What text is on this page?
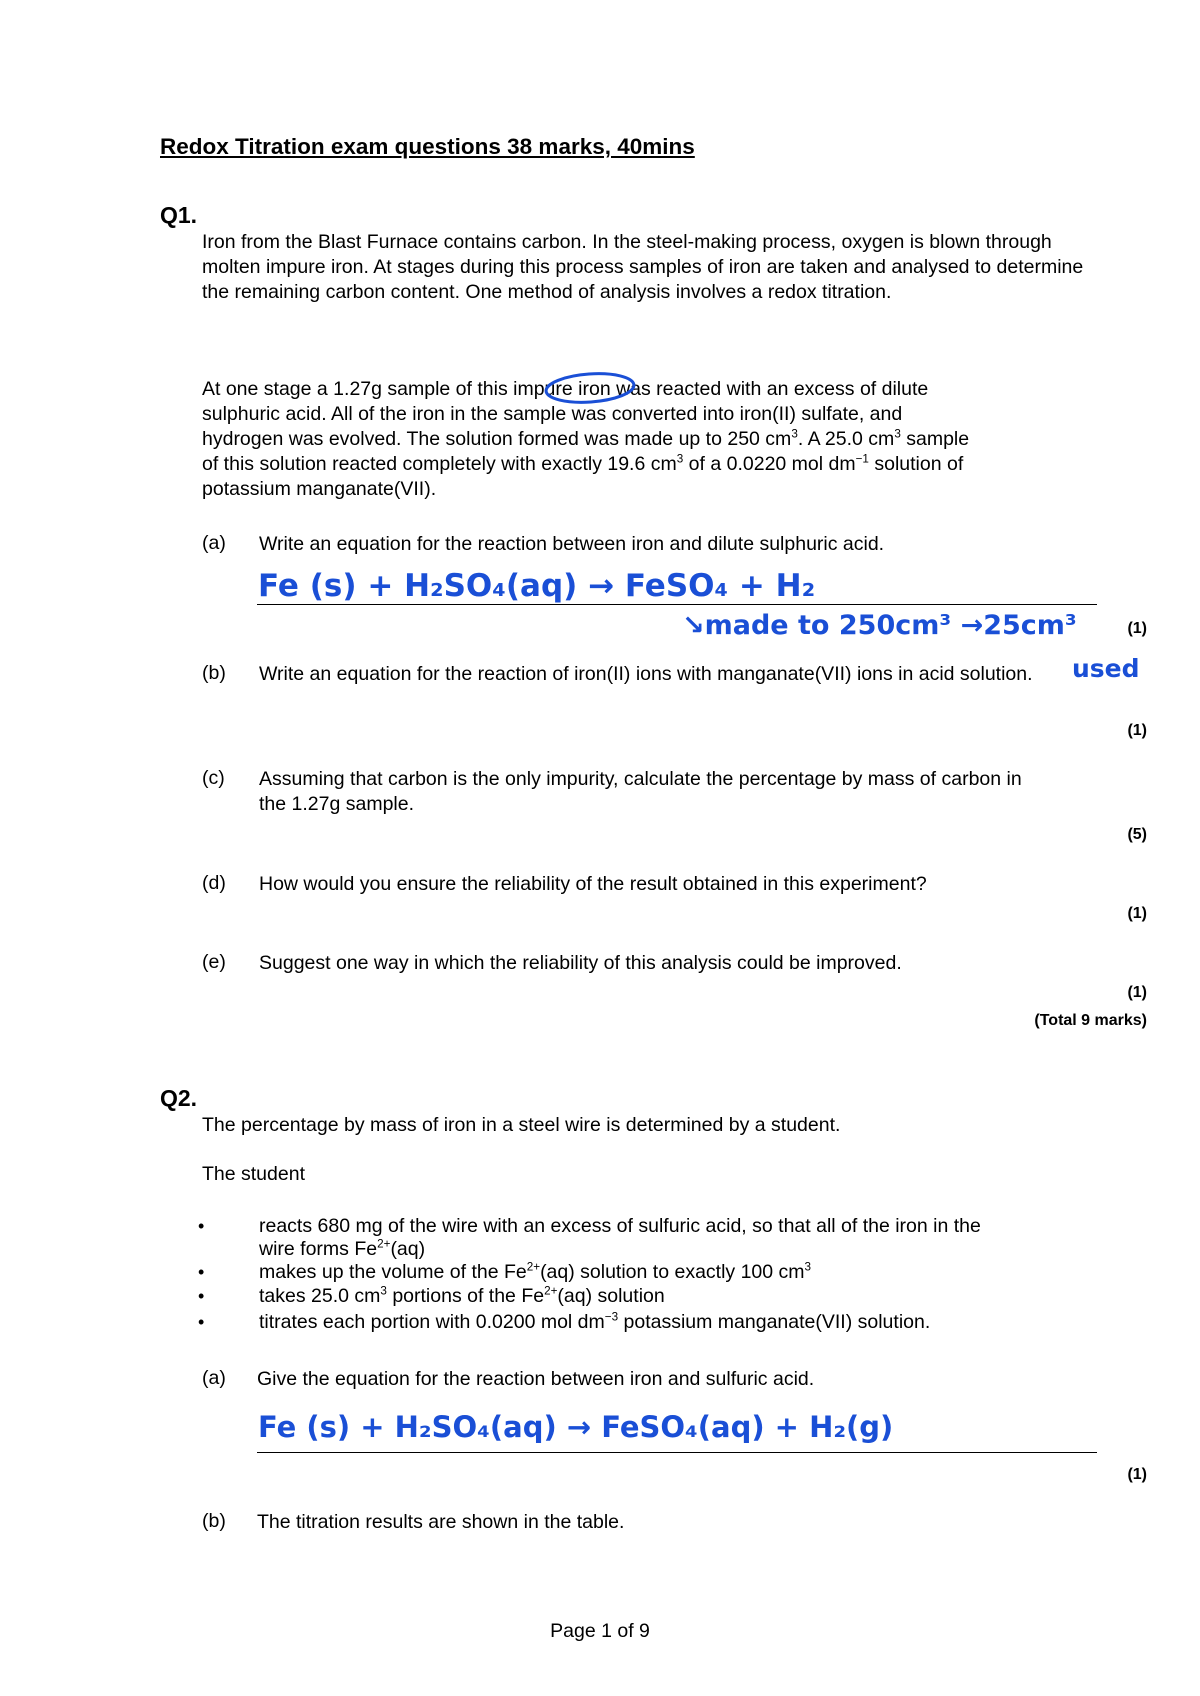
Redox Titration exam questions 38 marks, 40mins
Q1.
Iron from the Blast Furnace contains carbon. In the steel-making process, oxygen is blown through molten impure iron. At stages during this process samples of iron are taken and analysed to determine the remaining carbon content. One method of analysis involves a redox titration.
At one stage a 1.27g sample of this impure iron was reacted with an excess of dilute
sulphuric acid. All of the iron in the sample was converted into iron(II) sulfate, and
hydrogen was evolved. The solution formed was made up to 250 $cm^3$. A 25.0 $cm^3$ sample
of this solution reacted completely with exactly 19.6 $cm^3$ of a 0.0220 mol $dm^{-1}$ solution of
potassium manganate(VII).
(a) Write an equation for the reaction between iron and dilute sulphuric acid.
Fe (s) + H₂SO₄(aq) → FeSO₄ + H₂
↘made to 250cm³ →25cm³	(1)
used
(b) Write an equation for the reaction of iron(II) ions with manganate(VII) ions in acid solution.
(1)
(c) Assuming that carbon is the only impurity, calculate the percentage by mass of carbon in the 1.27g sample.
(5)
(d) How would you ensure the reliability of the result obtained in this experiment?
(1)
(e) Suggest one way in which the reliability of this analysis could be improved.
(1)
(Total 9 marks)
Q2.
The percentage by mass of iron in a steel wire is determined by a student.
The student
•	reacts 680 mg of the wire with an excess of sulfuric acid, so that all of the iron in the
wire forms $Fe^{2+}(aq)$
•	makes up the volume of the $Fe^{2+}(aq)$ solution to exactly 100 $cm^3$
•	takes 25.0 $cm^3$ portions of the $Fe^{2+}(aq)$ solution
•	titrates each portion with 0.0200 mol $dm^{-3}$ potassium manganate(VII) solution.
(a) Give the equation for the reaction between iron and sulfuric acid.
Fe (s) + H₂SO₄(aq) → FeSO₄(aq) + H₂(g)
(1)
(b) The titration results are shown in the table.
Page 1 of 9
